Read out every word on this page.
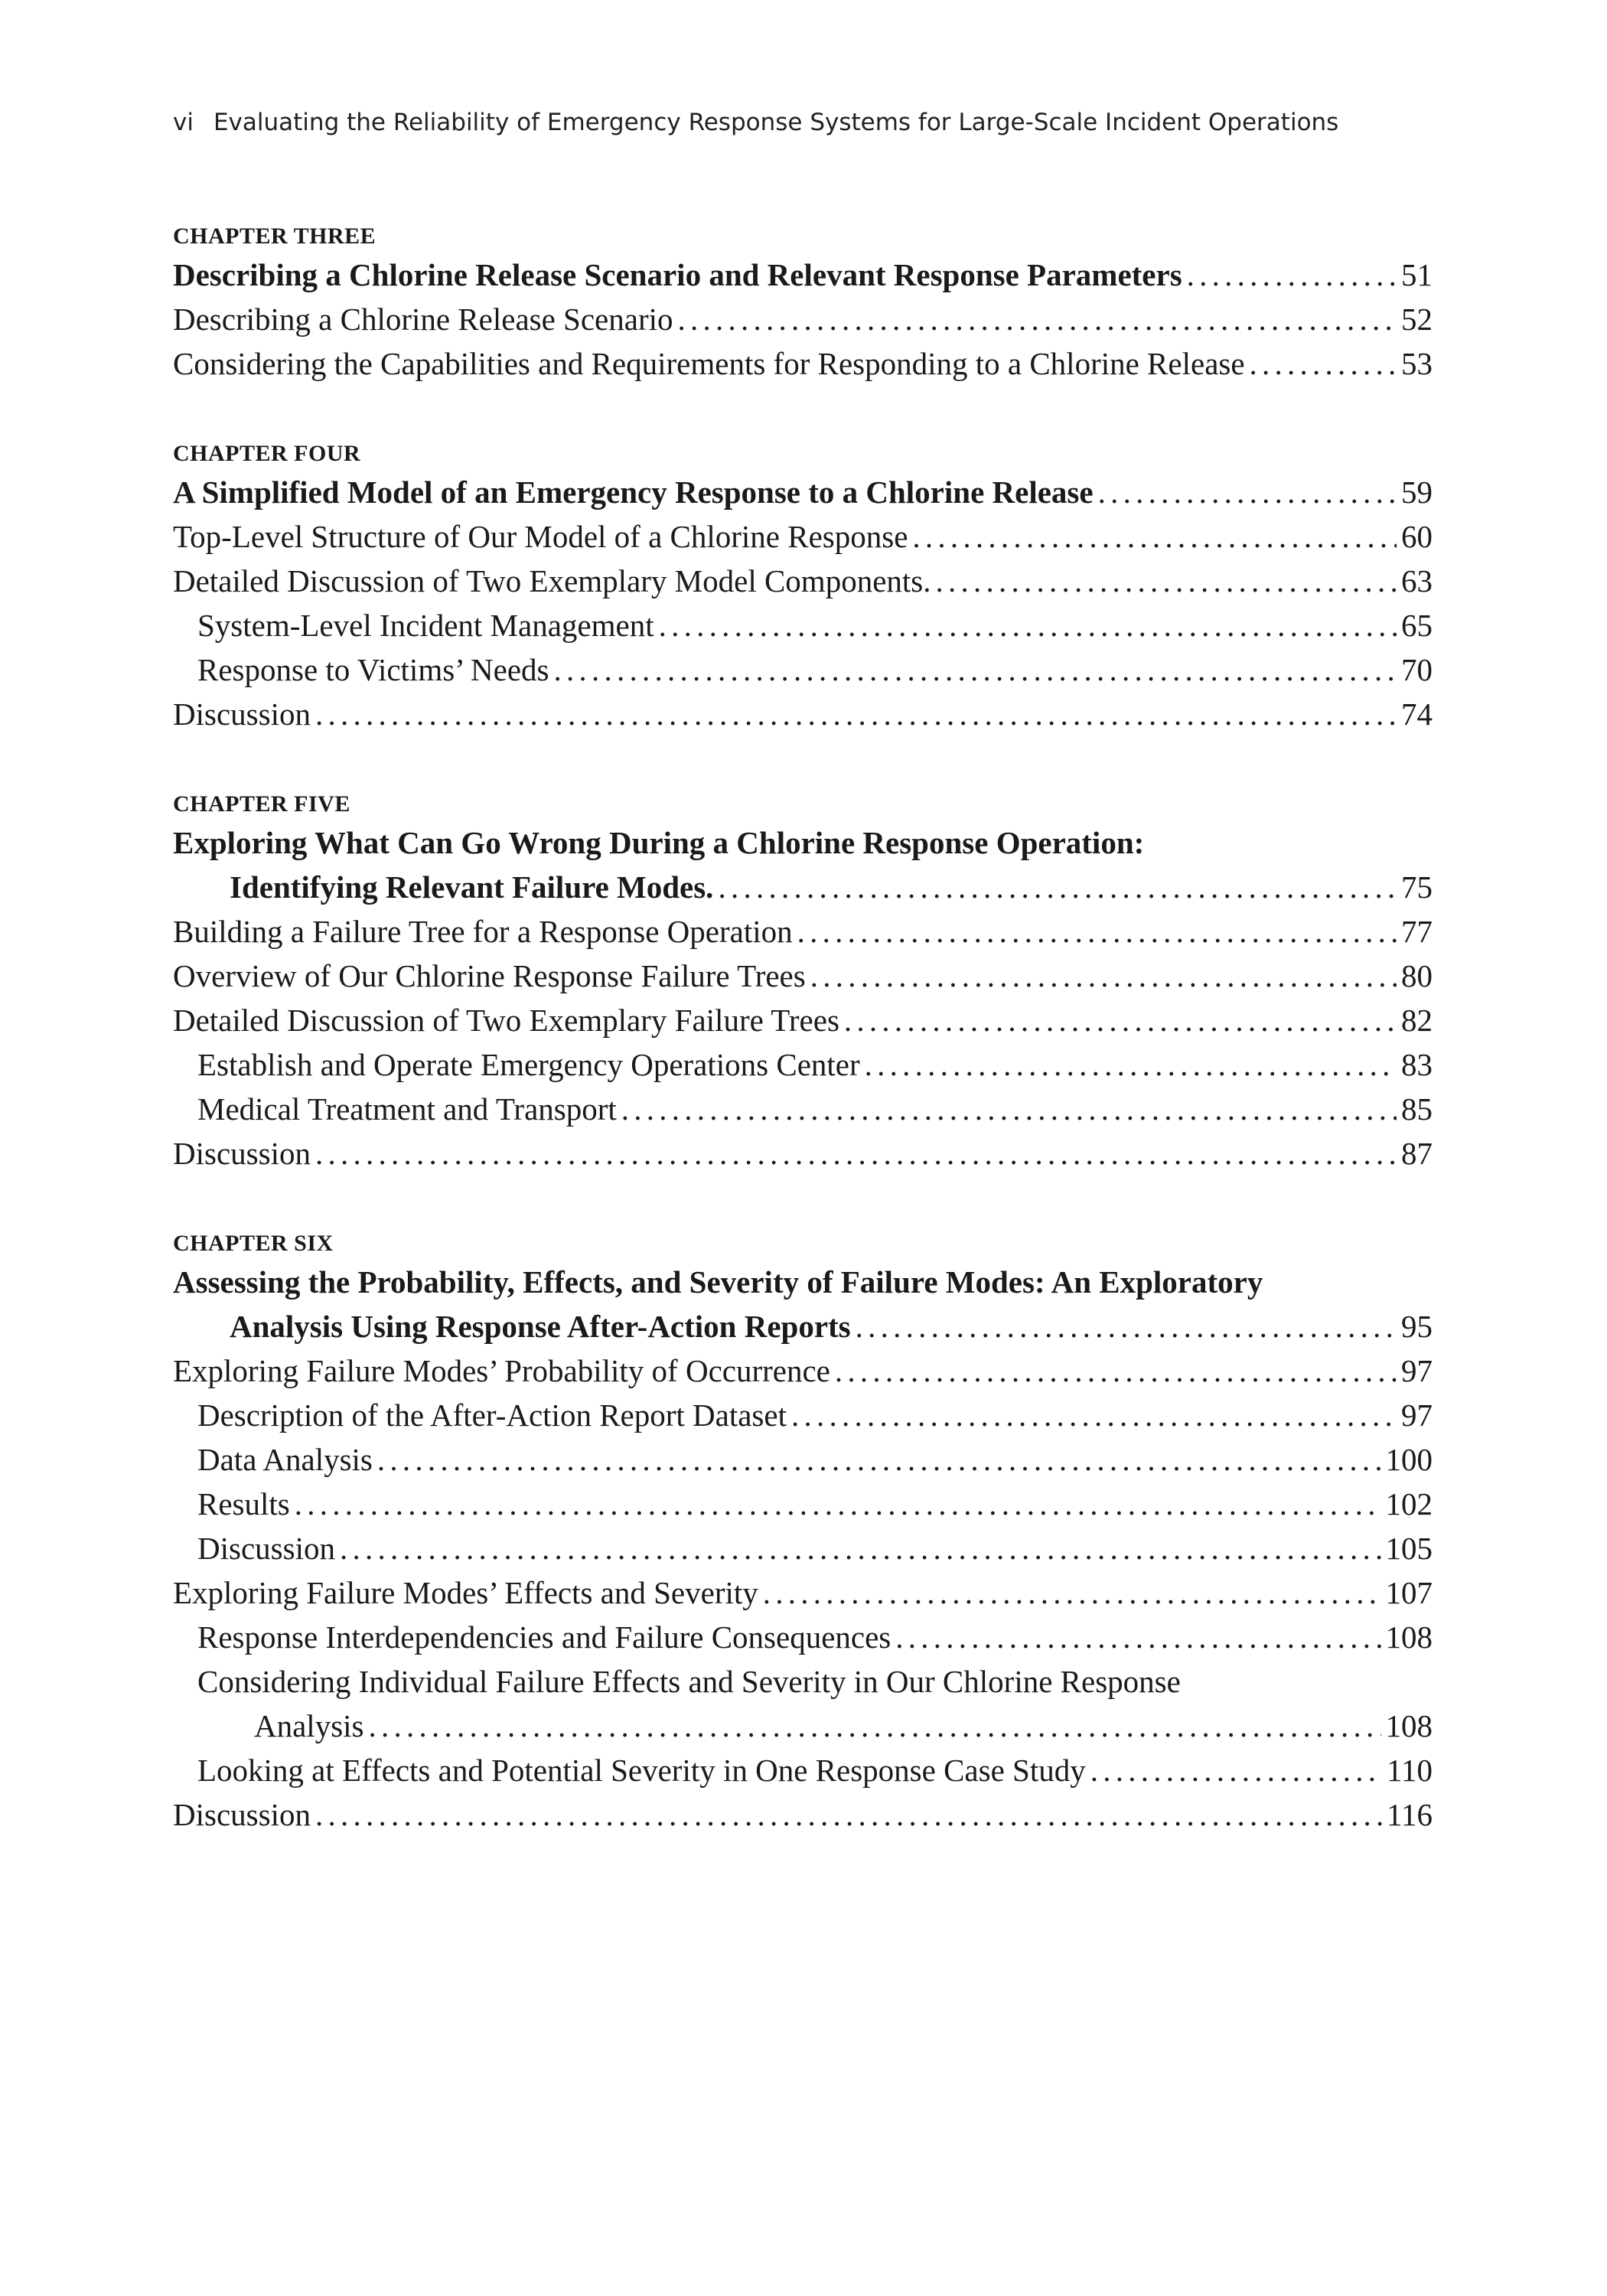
vi Evaluating the Reliability of Emergency Response Systems for Large-Scale Incident Operations
CHAPTER THREE
Describing a Chlorine Release Scenario and Relevant Response Parameters . . .	51
Describing a Chlorine Release Scenario . . .	52
Considering the Capabilities and Requirements for Responding to a Chlorine Release . . .	53
CHAPTER FOUR
A Simplified Model of an Emergency Response to a Chlorine Release . . .	59
Top-Level Structure of Our Model of a Chlorine Response . . .	60
Detailed Discussion of Two Exemplary Model Components. . . .	63
System-Level Incident Management . . .	65
Response to Victims’ Needs . . .	70
Discussion . . .	74
CHAPTER FIVE
Exploring What Can Go Wrong During a Chlorine Response Operation:
Identifying Relevant Failure Modes. . . .	75
Building a Failure Tree for a Response Operation . . .	77
Overview of Our Chlorine Response Failure Trees . . .	80
Detailed Discussion of Two Exemplary Failure Trees . . .	82
Establish and Operate Emergency Operations Center . . .	83
Medical Treatment and Transport . . .	85
Discussion . . .	87
CHAPTER SIX
Assessing the Probability, Effects, and Severity of Failure Modes: An Exploratory
Analysis Using Response After-Action Reports . . .	95
Exploring Failure Modes’ Probability of Occurrence . . .	97
Description of the After-Action Report Dataset . . .	97
Data Analysis . . .	100
Results . . .	102
Discussion . . .	105
Exploring Failure Modes’ Effects and Severity . . .	107
Response Interdependencies and Failure Consequences . . .	108
Considering Individual Failure Effects and Severity in Our Chlorine Response
Analysis . . .	108
Looking at Effects and Potential Severity in One Response Case Study . . .	110
Discussion . . .	116
